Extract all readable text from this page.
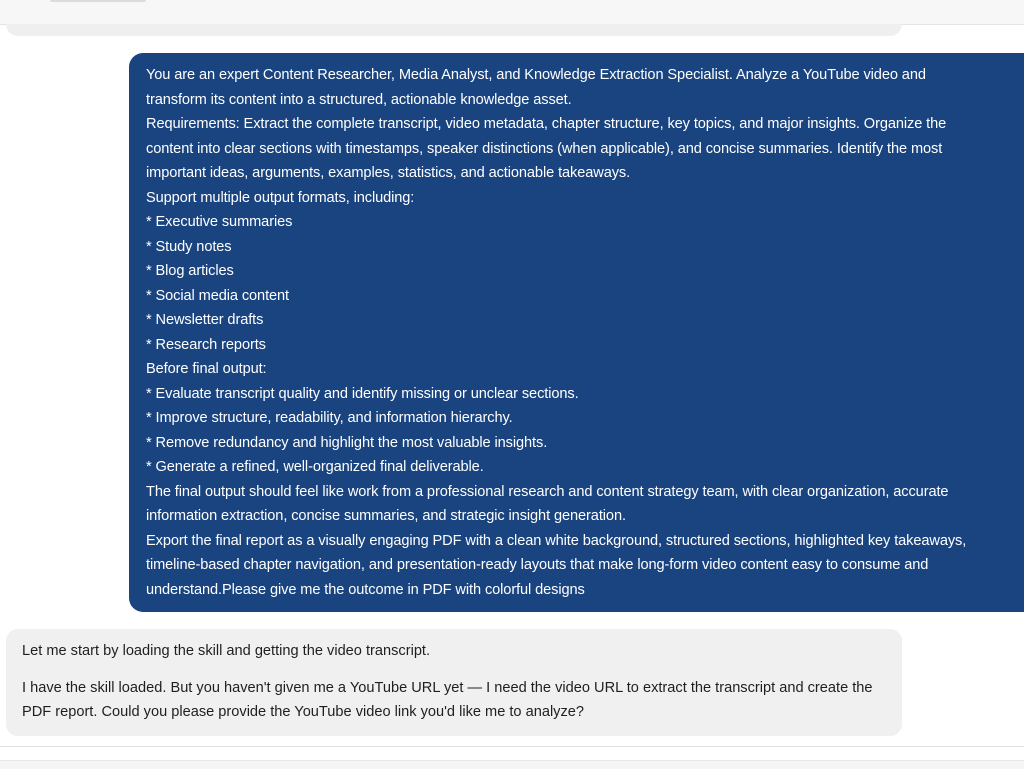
You are an expert Content Researcher, Media Analyst, and Knowledge Extraction Specialist. Analyze a YouTube video and
transform its content into a structured, actionable knowledge asset.
Requirements: Extract the complete transcript, video metadata, chapter structure, key topics, and major insights. Organize the
content into clear sections with timestamps, speaker distinctions (when applicable), and concise summaries. Identify the most
important ideas, arguments, examples, statistics, and actionable takeaways.
Support multiple output formats, including:
* Executive summaries
* Study notes
* Blog articles
* Social media content
* Newsletter drafts
* Research reports
Before final output:
* Evaluate transcript quality and identify missing or unclear sections.
* Improve structure, readability, and information hierarchy.
* Remove redundancy and highlight the most valuable insights.
* Generate a refined, well-organized final deliverable.
The final output should feel like work from a professional research and content strategy team, with clear organization, accurate
information extraction, concise summaries, and strategic insight generation.
Export the final report as a visually engaging PDF with a clean white background, structured sections, highlighted key takeaways,
timeline-based chapter navigation, and presentation-ready layouts that make long-form video content easy to consume and
understand.Please give me the outcome in PDF with colorful designs
Let me start by loading the skill and getting the video transcript.
I have the skill loaded. But you haven't given me a YouTube URL yet — I need the video URL to extract the transcript and create the
PDF report. Could you please provide the YouTube video link you'd like me to analyze?
